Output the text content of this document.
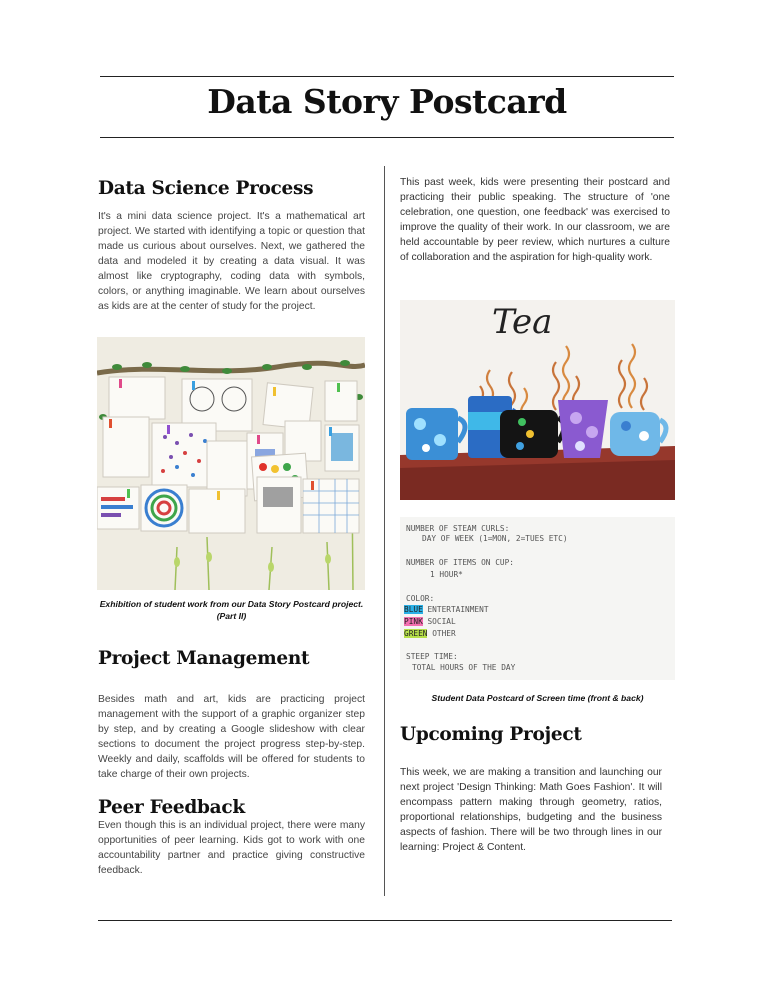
Data Story Postcard
Data Science Process

It's a mini data science project. It's a mathematical art project. We started with identifying a topic or question that made us curious about ourselves. Next, we gathered the data and modeled it by creating a data visual. It was almost like cryptography, coding data with symbols, colors, or anything imaginable. We learn about ourselves as kids are at the center of study for the project.

Exhibition of student work from our Data Story Postcard project. (Part II)

Project Management

Besides math and art, kids are practicing project management with the support of a graphic organizer step by step, and by creating a Google slideshow with clear sections to document the project progress step-by-step. Weekly and daily, scaffolds will be offered for students to take charge of their own projects.

Peer Feedback

Even though this is an individual project, there were many opportunities of peer learning. Kids got to work with one accountability partner and practice giving constructive feedback.

This past week, kids were presenting their postcard and practicing their public speaking. The structure of 'one celebration, one question, one feedback' was exercised to improve the quality of their work. In our classroom, we are held accountable by peer review, which nurtures a culture of collaboration and the aspiration for high-quality work.

Tea
NUMBER OF STEAM CURLS:
DAY OF WEEK (1=MON, 2=TUES ETC)
NUMBER OF ITEMS ON CUP:
1 HOUR*
COLOR:
BLUE ENTERTAINMENT
PINK SOCIAL
GREEN OTHER
STEEP TIME:
TOTAL HOURS OF THE DAY

Student Data Postcard of Screen time (front & back)

Upcoming Project

This week, we are making a transition and launching our next project 'Design Thinking: Math Goes Fashion'. It will encompass pattern making through geometry, ratios, proportional relationships, budgeting and the business aspects of fashion. There will be two through lines in our learning: Project & Content.
